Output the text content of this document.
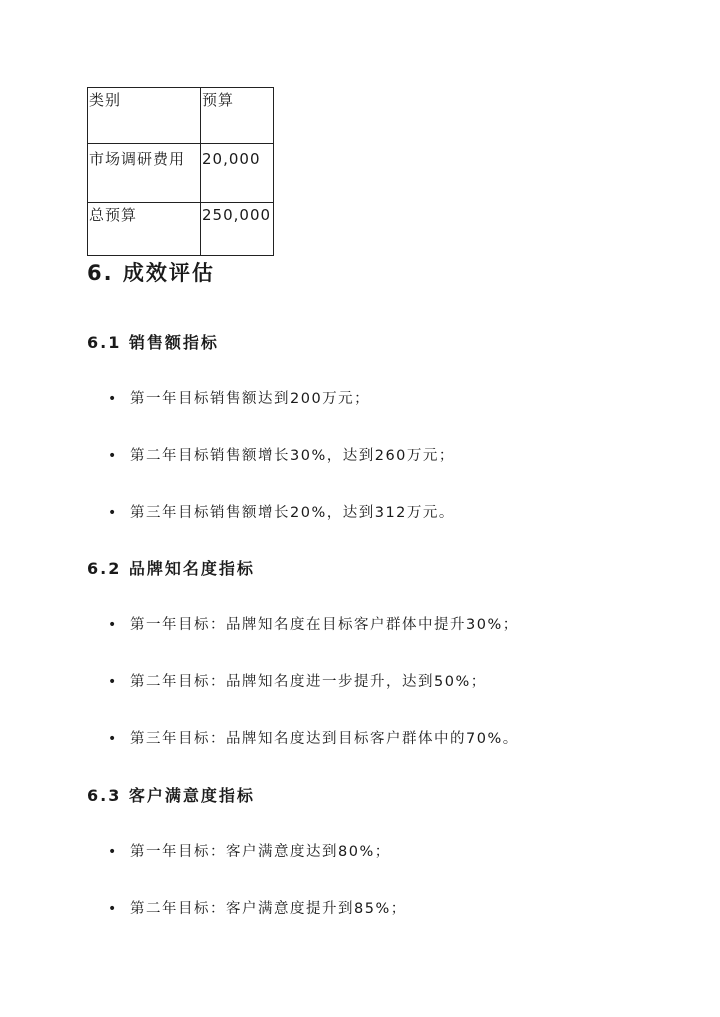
类别	预算
市场调研费用	20,000
总预算	250,000
6. 成效评估
6.1 销售额指标
• 第一年目标销售额达到200万元；
• 第二年目标销售额增长30%，达到260万元；
• 第三年目标销售额增长20%，达到312万元。
6.2 品牌知名度指标
• 第一年目标：品牌知名度在目标客户群体中提升30%；
• 第二年目标：品牌知名度进一步提升，达到50%；
• 第三年目标：品牌知名度达到目标客户群体中的70%。
6.3 客户满意度指标
• 第一年目标：客户满意度达到80%；
• 第二年目标：客户满意度提升到85%；
